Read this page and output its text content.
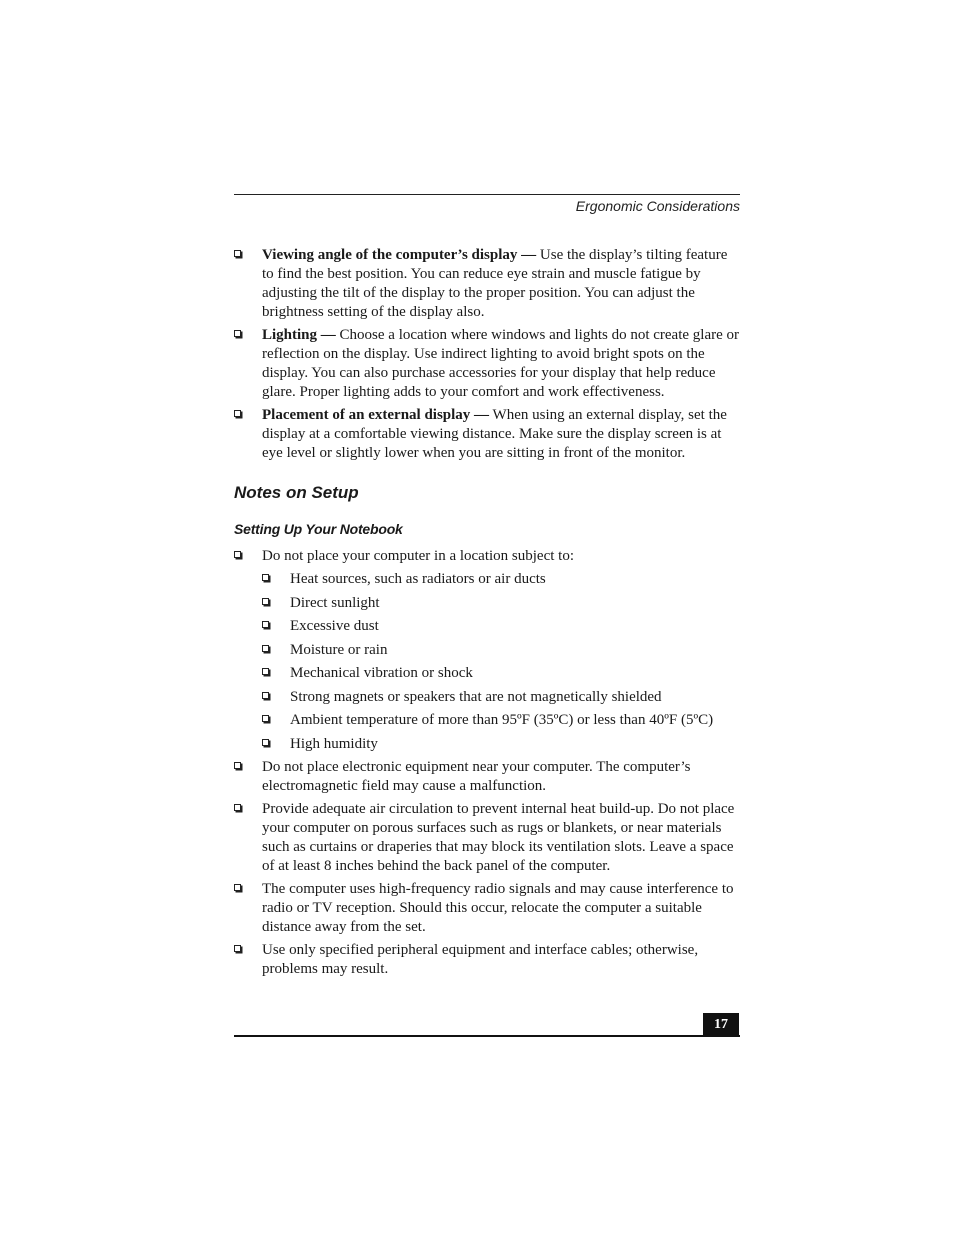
Ergonomic Considerations
Viewing angle of the computer’s display — Use the display’s tilting feature to find the best position. You can reduce eye strain and muscle fatigue by adjusting the tilt of the display to the proper position. You can adjust the brightness setting of the display also.
Lighting — Choose a location where windows and lights do not create glare or reflection on the display. Use indirect lighting to avoid bright spots on the display. You can also purchase accessories for your display that help reduce glare. Proper lighting adds to your comfort and work effectiveness.
Placement of an external display — When using an external display, set the display at a comfortable viewing distance. Make sure the display screen is at eye level or slightly lower when you are sitting in front of the monitor.
Notes on Setup
Setting Up Your Notebook
Do not place your computer in a location subject to:
Heat sources, such as radiators or air ducts
Direct sunlight
Excessive dust
Moisture or rain
Mechanical vibration or shock
Strong magnets or speakers that are not magnetically shielded
Ambient temperature of more than 95ºF (35ºC) or less than 40ºF (5ºC)
High humidity
Do not place electronic equipment near your computer. The computer’s electromagnetic field may cause a malfunction.
Provide adequate air circulation to prevent internal heat build-up. Do not place your computer on porous surfaces such as rugs or blankets, or near materials such as curtains or draperies that may block its ventilation slots. Leave a space of at least 8 inches behind the back panel of the computer.
The computer uses high-frequency radio signals and may cause interference to radio or TV reception. Should this occur, relocate the computer a suitable distance away from the set.
Use only specified peripheral equipment and interface cables; otherwise, problems may result.
17
